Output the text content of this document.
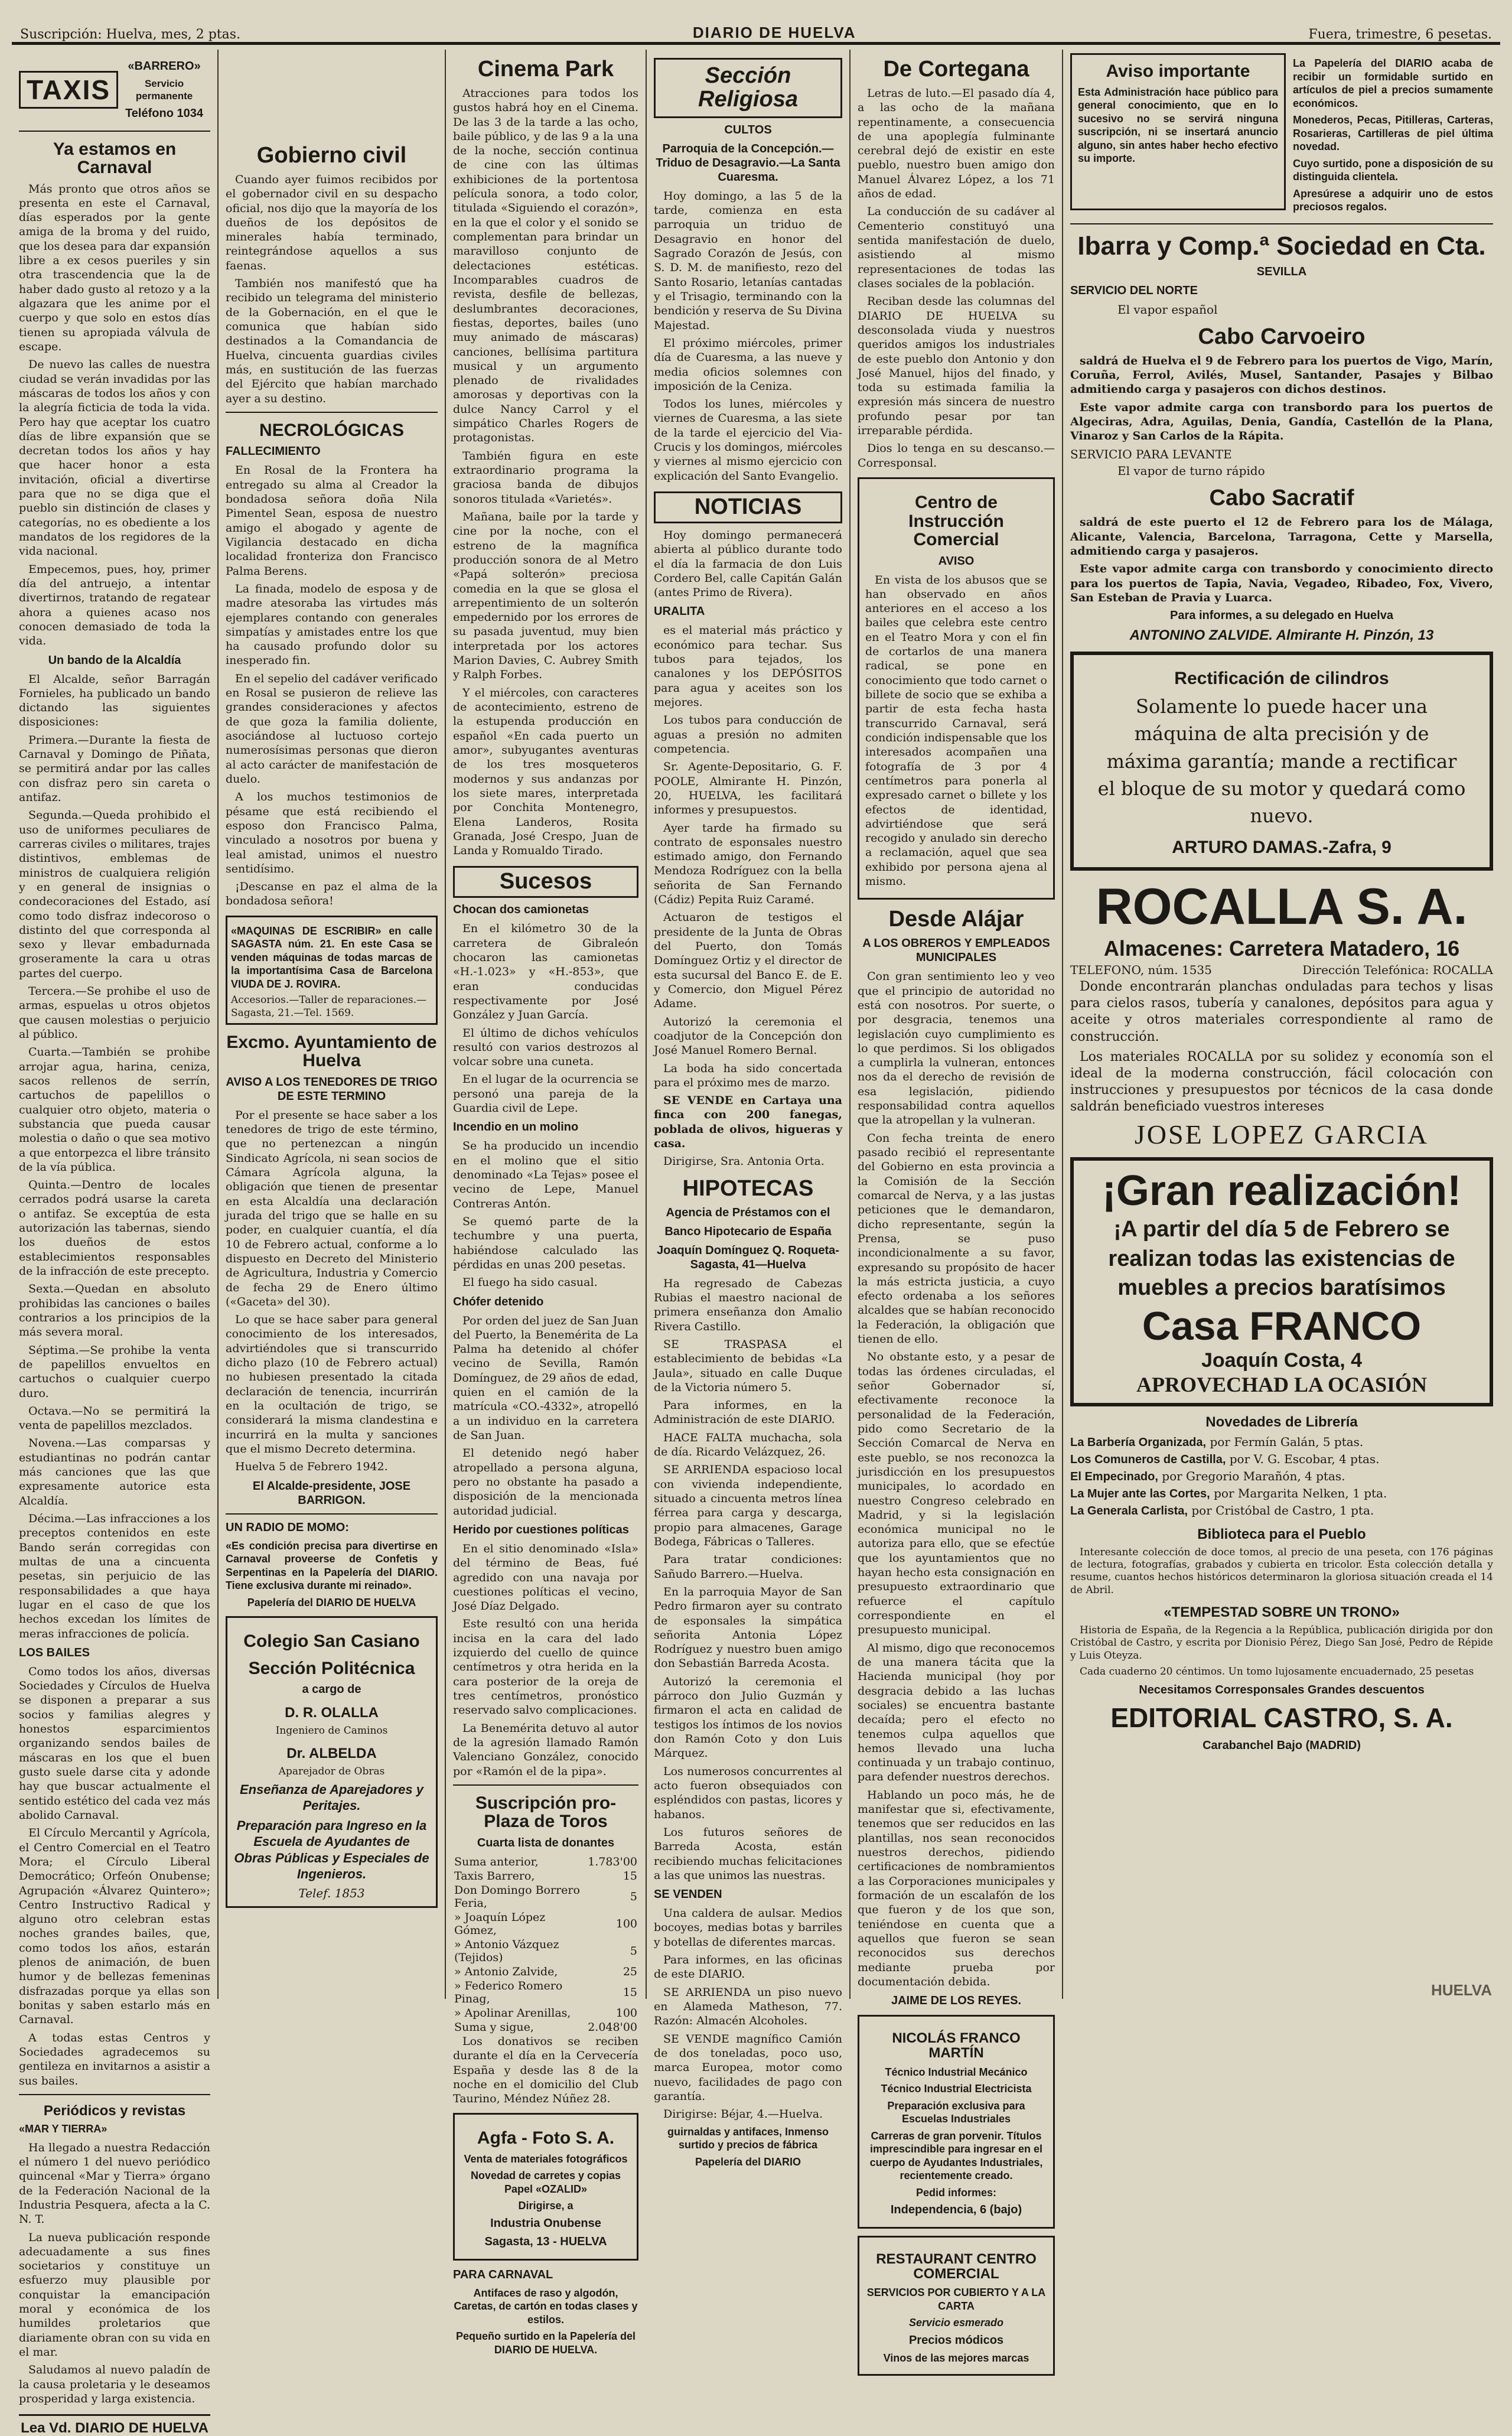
Suscripción: Huelva, mes, 2 ptas.	DIARIO DE HUELVA	Fuera, trimestre, 6 pesetas.
TAXIS
«BARRERO»
Servicio permanente
Teléfono 1034
Ya estamos en Carnaval

Más pronto que otros años se presenta en este el Carnaval, días esperados por la gente amiga de la broma y del ruido, que los desea para dar expansión libre a ex cesos pueriles y sin otra trascendencia que la de haber dado gusto al retozo y a la algazara que les anime por el cuerpo y que solo en estos días tienen su apropiada válvula de escape.

De nuevo las calles de nuestra ciudad se verán invadidas por las máscaras de todos los años y con la alegría ficticia de toda la vida. Pero hay que aceptar los cuatro días de libre expansión que se decretan todos los años y hay que hacer honor a esta invitación, oficial a divertirse para que no se diga que el pueblo sin distinción de clases y categorías, no es obediente a los mandatos de los regidores de la vida nacional.

Empecemos, pues, hoy, primer día del antruejo, a intentar divertirnos, tratando de regatear ahora a quienes acaso nos conocen demasiado de toda la vida.

Un bando de la Alcaldía

El Alcalde, señor Barragán Fornieles, ha publicado un bando dictando las siguientes disposiciones:

Primera.—Durante la fiesta de Carnaval y Domingo de Piñata, se permitirá andar por las calles con disfraz pero sin careta o antifaz.

Segunda.—Queda prohibido el uso de uniformes peculiares de carreras civiles o militares, trajes distintivos, emblemas de ministros de cualquiera religión y en general de insignias o condecoraciones del Estado, así como todo disfraz indecoroso o distinto del que corresponda al sexo y llevar embadurnada groseramente la cara u otras partes del cuerpo.

Tercera.—Se prohibe el uso de armas, espuelas u otros objetos que causen molestias o perjuicio al público.

Cuarta.—También se prohibe arrojar agua, harina, ceniza, sacos rellenos de serrín, cartuchos de papelillos o cualquier otro objeto, materia o substancia que pueda causar molestia o daño o que sea motivo a que entorpezca el libre tránsito de la vía pública.

Quinta.—Dentro de locales cerrados podrá usarse la careta o antifaz. Se exceptúa de esta autorización las tabernas, siendo los dueños de estos establecimientos responsables de la infracción de este precepto.

Sexta.—Quedan en absoluto prohibidas las canciones o bailes contrarios a los principios de la más severa moral.

Séptima.—Se prohibe la venta de papelillos envueltos en cartuchos o cualquier cuerpo duro.

Octava.—No se permitirá la venta de papelillos mezclados.

Novena.—Las comparsas y estudiantinas no podrán cantar más canciones que las que expresamente autorice esta Alcaldía.

Décima.—Las infracciones a los preceptos contenidos en este Bando serán corregidas con multas de una a cincuenta pesetas, sin perjuicio de las responsabilidades a que haya lugar en el caso de que los hechos excedan los límites de meras infracciones de policía.

LOS BAILES

Como todos los años, diversas Sociedades y Círculos de Huelva se disponen a preparar a sus socios y familias alegres y honestos esparcimientos organizando sendos bailes de máscaras en los que el buen gusto suele darse cita y adonde hay que buscar actualmente el sentido estético del cada vez más abolido Carnaval.

El Círculo Mercantil y Agrícola, el Centro Comercial en el Teatro Mora; el Círculo Liberal Democrático; Orfeón Onubense; Agrupación «Álvarez Quintero»; Centro Instructivo Radical y alguno otro celebran estas noches grandes bailes, que, como todos los años, estarán plenos de animación, de buen humor y de bellezas femeninas disfrazadas porque ya ellas son bonitas y saben estarlo más en Carnaval.

A todas estas Centros y Sociedades agradecemos su gentileza en invitarnos a asistir a sus bailes.

Periódicos y revistas
«MAR Y TIERRA»

Ha llegado a nuestra Redacción el número 1 del nuevo periódico quincenal «Mar y Tierra» órgano de la Federación Nacional de la Industria Pesquera, afecta a la C. N. T.

La nueva publicación responde adecuadamente a sus fines societarios y constituye un esfuerzo muy plausible por conquistar la emancipación moral y económica de los humildes proletarios que diariamente obran con su vida en el mar.

Saludamos al nuevo paladín de la causa proletaria y le deseamos prosperidad y larga existencia.

Lea Vd. DIARIO DE HUELVA
Gobierno civil

Cuando ayer fuimos recibidos por el gobernador civil en su despacho oficial, nos dijo que la mayoría de los dueños de los depósitos de minerales había terminado, reintegrándose aquellos a sus faenas.

También nos manifestó que ha recibido un telegrama del ministerio de la Gobernación, en el que le comunica que habían sido destinados a la Comandancia de Huelva, cincuenta guardias civiles más, en sustitución de las fuerzas del Ejército que habían marchado ayer a su destino.

NECROLÓGICAS
FALLECIMIENTO

En Rosal de la Frontera ha entregado su alma al Creador la bondadosa señora doña Nila Pimentel Sean, esposa de nuestro amigo el abogado y agente de Vigilancia destacado en dicha localidad fronteriza don Francisco Palma Berens.

La finada, modelo de esposa y de madre atesoraba las virtudes más ejemplares contando con generales simpatías y amistades entre los que ha causado profundo dolor su inesperado fin.

En el sepelio del cadáver verificado en Rosal se pusieron de relieve las grandes consideraciones y afectos de que goza la familia doliente, asociándose al luctuoso cortejo numerosísimas personas que dieron al acto carácter de manifestación de duelo.

A los muchos testimonios de pésame que está recibiendo el esposo don Francisco Palma, vinculado a nosotros por buena y leal amistad, unimos el nuestro sentidísimo.

¡Descanse en paz el alma de la bondadosa señora!

«MAQUINAS DE ESCRIBIR» en calle SAGASTA núm. 21. En este Casa se venden máquinas de todas marcas de la importantísima Casa de Barcelona VIUDA DE J. ROVIRA.
Accesorios.—Taller de reparaciones.—Sagasta, 21.—Tel. 1569.
Excmo. Ayuntamiento de Huelva
AVISO A LOS TENEDORES DE TRIGO DE ESTE TERMINO

Por el presente se hace saber a los tenedores de trigo de este término, que no pertenezcan a ningún Sindicato Agrícola, ni sean socios de Cámara Agrícola alguna, la obligación que tienen de presentar en esta Alcaldía una declaración jurada del trigo que se halle en su poder, en cualquier cuantía, el día 10 de Febrero actual, conforme a lo dispuesto en Decreto del Ministerio de Agricultura, Industria y Comercio de fecha 29 de Enero último («Gaceta» del 30).

Lo que se hace saber para general conocimiento de los interesados, advirtiéndoles que si transcurrido dicho plazo (10 de Febrero actual) no hubiesen presentado la citada declaración de tenencia, incurrirán en la ocultación de trigo, se considerará la misma clandestina e incurrirá en la multa y sanciones que el mismo Decreto determina.

Huelva 5 de Febrero 1942.

El Alcalde-presidente, JOSE BARRIGON.
UN RADIO DE MOMO:
«Es condición precisa para divertirse en Carnaval proveerse de Confetis y Serpentinas en la Papelería del DIARIO. Tiene exclusiva durante mi reinado».
Papelería del DIARIO DE HUELVA
Colegio San Casiano
Sección Politécnica
a cargo de
D. R. OLALLA
Ingeniero de Caminos
Dr. ALBELDA
Aparejador de Obras
Enseñanza de Aparejadores y Peritajes.
Preparación para Ingreso en la Escuela de Ayudantes de Obras Públicas y Especiales de Ingenieros.
Telef. 1853
Cinema Park

Atracciones para todos los gustos habrá hoy en el Cinema. De las 3 de la tarde a las ocho, baile público, y de las 9 a la una de la noche, sección continua de cine con las últimas exhibiciones de la portentosa película sonora, a todo color, titulada «Siguiendo el corazón», en la que el color y el sonido se complementan para brindar un maravilloso conjunto de delectaciones estéticas. Incomparables cuadros de revista, desfile de bellezas, deslumbrantes decoraciones, fiestas, deportes, bailes (uno muy animado de máscaras) canciones, bellísima partitura musical y un argumento plenado de rivalidades amorosas y deportivas con la dulce Nancy Carrol y el simpático Charles Rogers de protagonistas.

También figura en este extraordinario programa la graciosa banda de dibujos sonoros titulada «Varietés».

Mañana, baile por la tarde y cine por la noche, con el estreno de la magnífica producción sonora de al Metro «Papá solterón» preciosa comedia en la que se glosa el arrepentimiento de un solterón empedernido por los errores de su pasada juventud, muy bien interpretada por los actores Marion Davies, C. Aubrey Smith y Ralph Forbes.

Y el miércoles, con caracteres de acontecimiento, estreno de la estupenda producción en español «En cada puerto un amor», subyugantes aventuras de los tres mosqueteros modernos y sus andanzas por los siete mares, interpretada por Conchita Montenegro, Elena Landeros, Rosita Granada, José Crespo, Juan de Landa y Romualdo Tirado.

Sucesos
Chocan dos camionetas

En el kilómetro 30 de la carretera de Gibraleón chocaron las camionetas «H.-1.023» y «H.-853», que eran conducidas respectivamente por José González y Juan García.

El último de dichos vehículos resultó con varios destrozos al volcar sobre una cuneta.

En el lugar de la ocurrencia se personó una pareja de la Guardia civil de Lepe.

Incendio en un molino

Se ha producido un incendio en el molino que el sitio denominado «La Tejas» posee el vecino de Lepe, Manuel Contreras Antón.

Se quemó parte de la techumbre y una puerta, habiéndose calculado las pérdidas en unas 200 pesetas.

El fuego ha sido casual.

Chófer detenido

Por orden del juez de San Juan del Puerto, la Benemérita de La Palma ha detenido al chófer vecino de Sevilla, Ramón Domínguez, de 29 años de edad, quien en el camión de la matrícula «CO.-4332», atropelló a un individuo en la carretera de San Juan.

El detenido negó haber atropellado a persona alguna, pero no obstante ha pasado a disposición de la mencionada autoridad judicial.

Herido por cuestiones políticas

En el sitio denominado «Isla» del término de Beas, fué agredido con una navaja por cuestiones políticas el vecino, José Díaz Delgado.

Este resultó con una herida incisa en la cara del lado izquierdo del cuello de quince centímetros y otra herida en la cara posterior de la oreja de tres centímetros, pronóstico reservado salvo complicaciones.

La Benemérita detuvo al autor de la agresión llamado Ramón Valenciano González, conocido por «Ramón el de la pipa».

Suscripción pro-Plaza de Toros
Cuarta lista de donantes
Suma anterior,	1.783'00
Taxis Barrero,	15
Don Domingo Borrero Feria,	5
» Joaquín López Gómez,	100
» Antonio Vázquez (Tejidos)	5
» Antonio Zalvide,	25
» Federico Romero Pinag,	15
» Apolinar Arenillas,	100
Suma y sigue,	2.048'00

Los donativos se reciben durante el día en la Cervecería España y desde las 8 de la noche en el domicilio del Club Taurino, Méndez Núñez 28.

Agfa - Foto S. A.
Venta de materiales fotográficos
Novedad de carretes y copias Papel «OZALID»
Dirigirse, a
Industria Onubense
Sagasta, 13 - HUELVA
PARA CARNAVAL
Antifaces de raso y algodón, Caretas, de cartón en todas clases y estilos.
Pequeño surtido en la Papelería del DIARIO DE HUELVA.
Sección Religiosa
CULTOS
Parroquia de la Concepción.—Triduo de Desagravio.—La Santa Cuaresma.

Hoy domingo, a las 5 de la tarde, comienza en esta parroquia un triduo de Desagravio en honor del Sagrado Corazón de Jesús, con S. D. M. de manifiesto, rezo del Santo Rosario, letanías cantadas y el Trisagio, terminando con la bendición y reserva de Su Divina Majestad.

El próximo miércoles, primer día de Cuaresma, a las nueve y media oficios solemnes con imposición de la Ceniza.

Todos los lunes, miércoles y viernes de Cuaresma, a las siete de la tarde el ejercicio del Via-Crucis y los domingos, miércoles y viernes al mismo ejercicio con explicación del Santo Evangelio.

NOTICIAS

Hoy domingo permanecerá abierta al público durante todo el día la farmacia de don Luis Cordero Bel, calle Capitán Galán (antes Primo de Rivera).

URALITA

es el material más práctico y económico para techar. Sus tubos para tejados, los canalones y los DEPÓSITOS para agua y aceites son los mejores.

Los tubos para conducción de aguas a presión no admiten competencia.

Sr. Agente-Depositario, G. F. POOLE, Almirante H. Pinzón, 20, HUELVA, les facilitará informes y presupuestos.

Ayer tarde ha firmado su contrato de esponsales nuestro estimado amigo, don Fernando Mendoza Rodríguez con la bella señorita de San Fernando (Cádiz) Pepita Ruiz Caramé.

Actuaron de testigos el presidente de la Junta de Obras del Puerto, don Tomás Domínguez Ortiz y el director de esta sucursal del Banco E. de E. y Comercio, don Miguel Pérez Adame.

Autorizó la ceremonia el coadjutor de la Concepción don José Manuel Romero Bernal.

La boda ha sido concertada para el próximo mes de marzo.

SE VENDE en Cartaya una finca con 200 fanegas, poblada de olivos, higueras y casa.

Dirigirse, Sra. Antonia Orta.

HIPOTECAS
Agencia de Préstamos con el
Banco Hipotecario de España
Joaquín Domínguez Q. Roqueta-Sagasta, 41—Huelva

Ha regresado de Cabezas Rubias el maestro nacional de primera enseñanza don Amalio Rivera Castillo.

SE TRASPASA el establecimiento de bebidas «La Jaula», situado en calle Duque de la Victoria número 5.

Para informes, en la Administración de este DIARIO.

HACE FALTA muchacha, sola de día. Ricardo Velázquez, 26.

SE ARRIENDA espacioso local con vivienda independiente, situado a cincuenta metros línea férrea para carga y descarga, propio para almacenes, Garage Bodega, Fábricas o Talleres.

Para tratar condiciones: Sañudo Barrero.—Huelva.

En la parroquia Mayor de San Pedro firmaron ayer su contrato de esponsales la simpática señorita Antonia López Rodríguez y nuestro buen amigo don Sebastián Barreda Acosta.

Autorizó la ceremonia el párroco don Julio Guzmán y firmaron el acta en calidad de testigos los íntimos de los novios don Ramón Coto y don Luis Márquez.

Los numerosos concurrentes al acto fueron obsequiados con espléndidos con pastas, licores y habanos.

Los futuros señores de Barreda Acosta, están recibiendo muchas felicitaciones a las que unimos las nuestras.

SE VENDEN

Una caldera de aulsar. Medios bocoyes, medias botas y barriles y botellas de diferentes marcas.

Para informes, en las oficinas de este DIARIO.

SE ARRIENDA un piso nuevo en Alameda Matheson, 77. Razón: Almacén Alcoholes.

SE VENDE magnífico Camión de dos toneladas, poco uso, marca Europea, motor como nuevo, facilidades de pago con garantía.

Dirigirse: Béjar, 4.—Huelva.

guirnaldas y antifaces, Inmenso surtido y precios de fábrica
Papelería del DIARIO
De Cortegana

Letras de luto.—El pasado día 4, a las ocho de la mañana repentinamente, a consecuencia de una apoplegía fulminante cerebral dejó de existir en este pueblo, nuestro buen amigo don Manuel Álvarez López, a los 71 años de edad.

La conducción de su cadáver al Cementerio constituyó una sentida manifestación de duelo, asistiendo al mismo representaciones de todas las clases sociales de la población.

Reciban desde las columnas del DIARIO DE HUELVA su desconsolada viuda y nuestros queridos amigos los industriales de este pueblo don Antonio y don José Manuel, hijos del finado, y toda su estimada familia la expresión más sincera de nuestro profundo pesar por tan irreparable pérdida.

Dios lo tenga en su descanso.—Corresponsal.

Centro de Instrucción Comercial
AVISO

En vista de los abusos que se han observado en años anteriores en el acceso a los bailes que celebra este centro en el Teatro Mora y con el fin de cortarlos de una manera radical, se pone en conocimiento que todo carnet o billete de socio que se exhiba a partir de esta fecha hasta transcurrido Carnaval, será condición indispensable que los interesados acompañen una fotografía de 3 por 4 centímetros para ponerla al expresado carnet o billete y los efectos de identidad, advirtiéndose que será recogido y anulado sin derecho a reclamación, aquel que sea exhibido por persona ajena al mismo.

Desde Alájar
A LOS OBREROS Y EMPLEADOS MUNICIPALES

Con gran sentimiento leo y veo que el principio de autoridad no está con nosotros. Por suerte, o por desgracia, tenemos una legislación cuyo cumplimiento es lo que perdimos. Si los obligados a cumplirla la vulneran, entonces nos da el derecho de revisión de esa legislación, pidiendo responsabilidad contra aquellos que la atropellan y la vulneran.

Con fecha treinta de enero pasado recibió el representante del Gobierno en esta provincia a la Comisión de la Sección comarcal de Nerva, y a las justas peticiones que le demandaron, dicho representante, según la Prensa, se puso incondicionalmente a su favor, expresando su propósito de hacer la más estricta justicia, a cuyo efecto ordenaba a los señores alcaldes que se habían reconocido la Federación, la obligación que tienen de ello.

No obstante esto, y a pesar de todas las órdenes circuladas, el señor Gobernador sí, efectivamente reconoce la personalidad de la Federación, pido como Secretario de la Sección Comarcal de Nerva en este pueblo, se nos reconozca la jurisdicción en los presupuestos municipales, lo acordado en nuestro Congreso celebrado en Madrid, y si la legislación económica municipal no le autoriza para ello, que se efectúe que los ayuntamientos que no hayan hecho esta consignación en presupuesto extraordinario que refuerce el capítulo correspondiente en el presupuesto municipal.

Al mismo, digo que reconocemos de una manera tácita que la Hacienda municipal (hoy por desgracia debido a las luchas sociales) se encuentra bastante decaída; pero el efecto no tenemos culpa aquellos que hemos llevado una lucha continuada y un trabajo continuo, para defender nuestros derechos.

Hablando un poco más, he de manifestar que si, efectivamente, tenemos que ser reducidos en las plantillas, nos sean reconocidos nuestros derechos, pidiendo certificaciones de nombramientos a las Corporaciones municipales y formación de un escalafón de los que fueron y de los que son, teniéndose en cuenta que a aquellos que fueron se sean reconocidos sus derechos mediante prueba por documentación debida.

JAIME DE LOS REYES.
NICOLÁS FRANCO MARTÍN
Técnico Industrial Mecánico
Técnico Industrial Electricista
Preparación exclusiva para Escuelas Industriales
Carreras de gran porvenir. Títulos imprescindible para ingresar en el cuerpo de Ayudantes Industriales, recientemente creado.
Pedid informes:
Independencia, 6 (bajo)
RESTAURANT CENTRO COMERCIAL
SERVICIOS POR CUBIERTO Y A LA CARTA
Servicio esmerado
Precios módicos
Vinos de las mejores marcas
Aviso importante
Esta Administración hace público para general conocimiento, que en lo sucesivo no se servirá ninguna suscripción, ni se insertará anuncio alguno, sin antes haber hecho efectivo su importe.
La Papelería del DIARIO acaba de recibir un formidable surtido en artículos de piel a precios sumamente económicos.
Monederos, Pecas, Pitilleras, Carteras, Rosarieras, Cartilleras de piel última novedad.
Cuyo surtido, pone a disposición de su distinguida clientela.
Apresúrese a adquirir uno de estos preciosos regalos.
Ibarra y Comp.ª Sociedad en Cta.
SEVILLA
SERVICIO DEL NORTE
El vapor español
Cabo Carvoeiro

saldrá de Huelva el 9 de Febrero para los puertos de Vigo, Marín, Coruña, Ferrol, Avilés, Musel, Santander, Pasajes y Bilbao admitiendo carga y pasajeros con dichos destinos.

Este vapor admite carga con transbordo para los puertos de Algeciras, Adra, Aguilas, Denia, Gandía, Castellón de la Plana, Vinaroz y San Carlos de la Rápita.

SERVICIO PARA LEVANTE
El vapor de turno rápido
Cabo Sacratif

saldrá de este puerto el 12 de Febrero para los de Málaga, Alicante, Valencia, Barcelona, Tarragona, Cette y Marsella, admitiendo carga y pasajeros.

Este vapor admite carga con transbordo y conocimiento directo para los puertos de Tapia, Navia, Vegadeo, Ribadeo, Fox, Vivero, San Esteban de Pravia y Luarca.

Para informes, a su delegado en Huelva
ANTONINO ZALVIDE. Almirante H. Pinzón, 13
Rectificación de cilindros
Solamente lo puede hacer una máquina de alta precisión y de máxima garantía; mande a rectificar el bloque de su motor y quedará como nuevo.
ARTURO DAMAS.-Zafra, 9
ROCALLA S. A.
Almacenes: Carretera Matadero, 16
TELEFONO, núm. 1535	Dirección Telefónica: ROCALLA

Donde encontrarán planchas onduladas para techos y lisas para cielos rasos, tubería y canalones, depósitos para agua y aceite y otros materiales correspondiente al ramo de construcción.

Los materiales ROCALLA por su solidez y economía son el ideal de la moderna construcción, fácil colocación con instrucciones y presupuestos por técnicos de la casa donde saldrán beneficiado vuestros intereses

JOSE LOPEZ GARCIA
¡Gran realización!
¡A partir del día 5 de Febrero se realizan todas las existencias de muebles a precios baratísimos
Casa FRANCO
Joaquín Costa, 4
APROVECHAD LA OCASIÓN
Novedades de Librería
La Barbería Organizada, por Fermín Galán, 5 ptas.
Los Comuneros de Castilla, por V. G. Escobar, 4 ptas.
El Empecinado, por Gregorio Marañón, 4 ptas.
La Mujer ante las Cortes, por Margarita Nelken, 1 pta.
La Generala Carlista, por Cristóbal de Castro, 1 pta.
Biblioteca para el Pueblo

Interesante colección de doce tomos, al precio de una peseta, con 176 páginas de lectura, fotografías, grabados y cubierta en tricolor. Esta colección detalla y resume, cuantos hechos históricos determinaron la gloriosa situación creada el 14 de Abril.

«TEMPESTAD SOBRE UN TRONO»

Historia de España, de la Regencia a la República, publicación dirigida por don Cristóbal de Castro, y escrita por Dionisio Pérez, Diego San José, Pedro de Répide y Luis Oteyza.

Cada cuaderno 20 céntimos. Un tomo lujosamente encuadernado, 25 pesetas

Necesitamos Corresponsales Grandes descuentos
EDITORIAL CASTRO, S. A.
Carabanchel Bajo (MADRID)
HUELVA
